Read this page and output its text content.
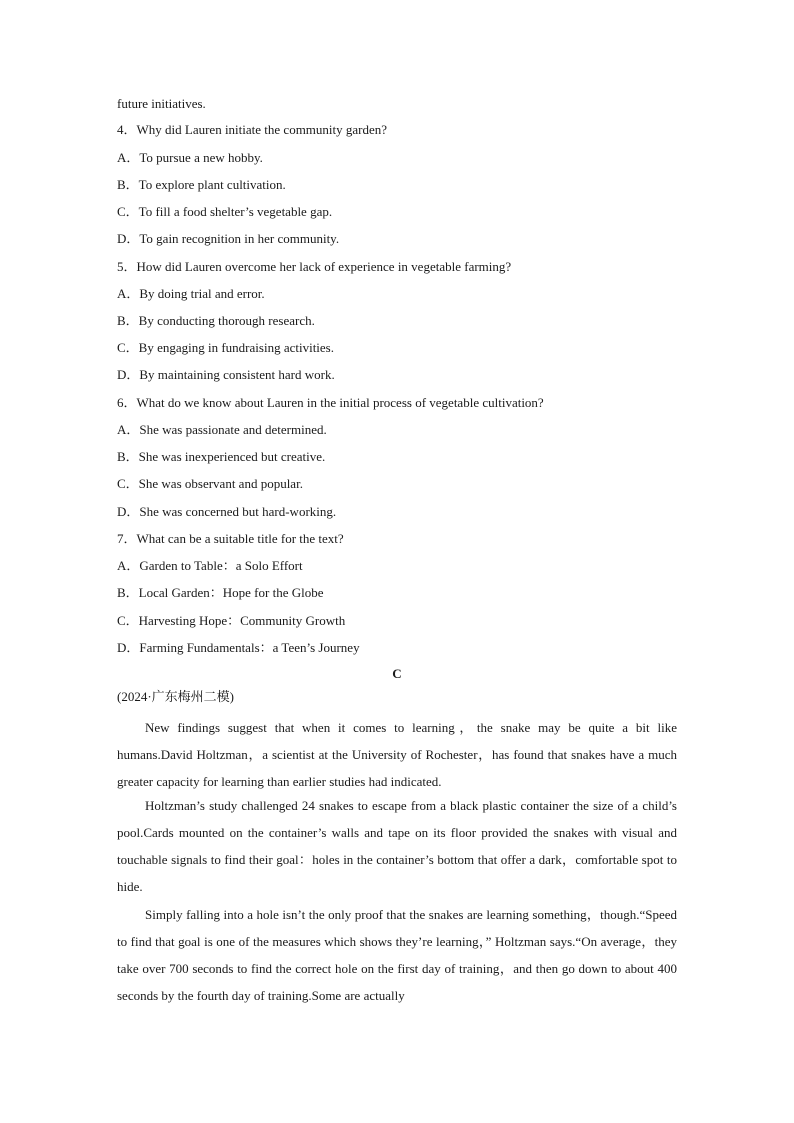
future initiatives.
4．Why did Lauren initiate the community garden?
A．To pursue a new hobby.
B．To explore plant cultivation.
C．To fill a food shelter’s vegetable gap.
D．To gain recognition in her community.
5．How did Lauren overcome her lack of experience in vegetable farming?
A．By doing trial and error.
B．By conducting thorough research.
C．By engaging in fundraising activities.
D．By maintaining consistent hard work.
6．What do we know about Lauren in the initial process of vegetable cultivation?
A．She was passionate and determined.
B．She was inexperienced but creative.
C．She was observant and popular.
D．She was concerned but hard-working.
7．What can be a suitable title for the text?
A．Garden to Table：a Solo Effort
B．Local Garden：Hope for the Globe
C．Harvesting Hope：Community Growth
D．Farming Fundamentals：a Teen’s Journey
C
(2024·广东梅州二模)
New findings suggest that when it comes to learning，the snake may be quite a bit like humans.David Holtzman，a scientist at the University of Rochester，has found that snakes have a much greater capacity for learning than earlier studies had indicated.
Holtzman’s study challenged 24 snakes to escape from a black plastic container the size of a child’s pool.Cards mounted on the container’s walls and tape on its floor provided the snakes with visual and touchable signals to find their goal：holes in the container’s bottom that offer a dark，comfortable spot to hide.
Simply falling into a hole isn’t the only proof that the snakes are learning something，though.“Speed to find that goal is one of the measures which shows they’re learning，” Holtzman says.“On average，they take over 700 seconds to find the correct hole on the first day of training，and then go down to about 400 seconds by the fourth day of training.Some are actually
